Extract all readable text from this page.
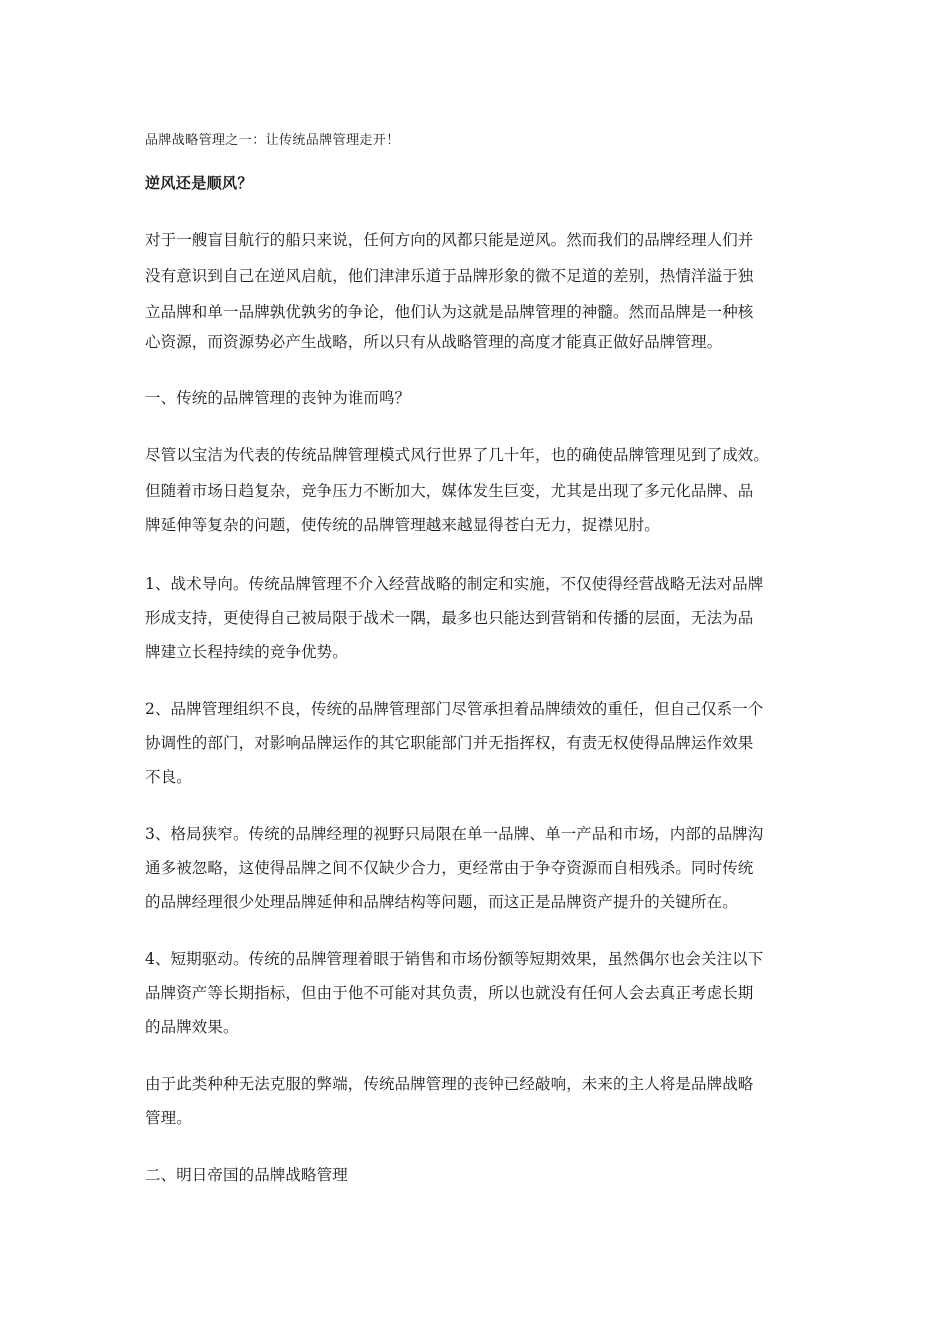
品牌战略管理之一：让传统品牌管理走开！
逆风还是顺风？
对于一艘盲目航行的船只来说，任何方向的风都只能是逆风。然而我们的品牌经理人们并
没有意识到自己在逆风启航，他们津津乐道于品牌形象的微不足道的差别，热情洋溢于独
立品牌和单一品牌孰优孰劣的争论，他们认为这就是品牌管理的神髓。然而品牌是一种核
心资源，而资源势必产生战略，所以只有从战略管理的高度才能真正做好品牌管理。
一、传统的品牌管理的丧钟为谁而鸣？
尽管以宝洁为代表的传统品牌管理模式风行世界了几十年，也的确使品牌管理见到了成效。
但随着市场日趋复杂，竞争压力不断加大，媒体发生巨变，尤其是出现了多元化品牌、品
牌延伸等复杂的问题，使传统的品牌管理越来越显得苍白无力，捉襟见肘。
1、战术导向。传统品牌管理不介入经营战略的制定和实施，不仅使得经营战略无法对品牌
形成支持，更使得自己被局限于战术一隅，最多也只能达到营销和传播的层面，无法为品
牌建立长程持续的竞争优势。
2、品牌管理组织不良，传统的品牌管理部门尽管承担着品牌绩效的重任，但自己仅系一个
协调性的部门，对影响品牌运作的其它职能部门并无指挥权，有责无权使得品牌运作效果
不良。
3、格局狭窄。传统的品牌经理的视野只局限在单一品牌、单一产品和市场，内部的品牌沟
通多被忽略，这使得品牌之间不仅缺少合力，更经常由于争夺资源而自相残杀。同时传统
的品牌经理很少处理品牌延伸和品牌结构等问题，而这正是品牌资产提升的关键所在。
4、短期驱动。传统的品牌管理着眼于销售和市场份额等短期效果，虽然偶尔也会关注以下
品牌资产等长期指标，但由于他不可能对其负责，所以也就没有任何人会去真正考虑长期
的品牌效果。
由于此类种种无法克服的弊端，传统品牌管理的丧钟已经敲响，未来的主人将是品牌战略
管理。
二、明日帝国的品牌战略管理
